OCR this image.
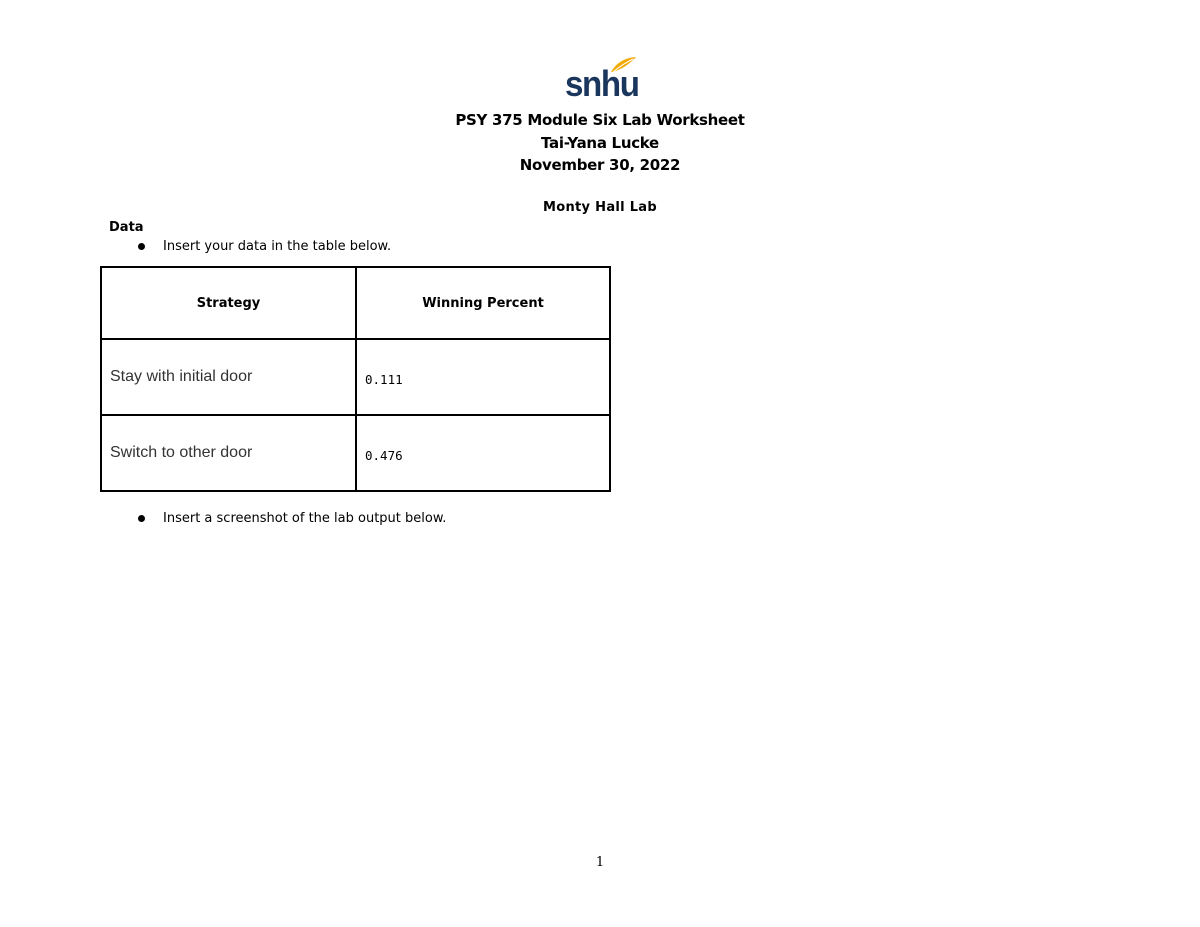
snhu
PSY 375 Module Six Lab Worksheet
Tai-Yana Lucke
November 30, 2022
Monty Hall Lab
Data
Insert your data in the table below.
Strategy	Winning Percent
Stay with initial door	0.111
Switch to other door	0.476
Insert a screenshot of the lab output below.
1
